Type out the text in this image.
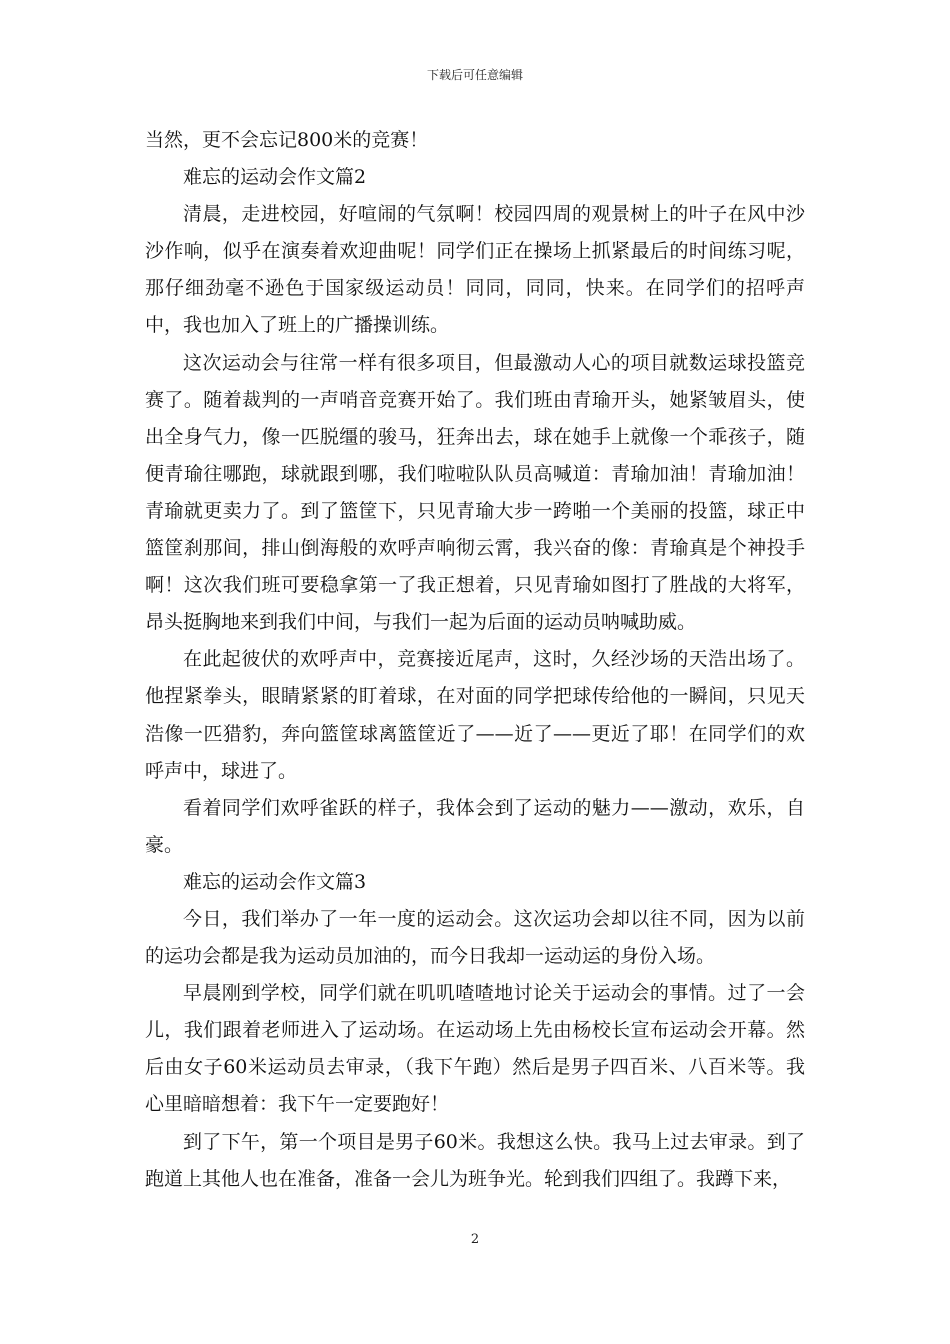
下载后可任意编辑

当然，更不会忘记800米的竞赛！

难忘的运动会作文篇2

清晨，走进校园，好喧闹的气氛啊！校园四周的观景树上的叶子在风中沙沙作响，似乎在演奏着欢迎曲呢！同学们正在操场上抓紧最后的时间练习呢，那仔细劲毫不逊色于国家级运动员！同同，同同，快来。在同学们的招呼声中，我也加入了班上的广播操训练。

这次运动会与往常一样有很多项目，但最激动人心的项目就数运球投篮竞赛了。随着裁判的一声哨音竞赛开始了。我们班由青瑜开头，她紧皱眉头，使出全身气力，像一匹脱缰的骏马，狂奔出去，球在她手上就像一个乖孩子，随便青瑜往哪跑，球就跟到哪，我们啦啦队队员高喊道：青瑜加油！青瑜加油！青瑜就更卖力了。到了篮筐下，只见青瑜大步一跨啪一个美丽的投篮，球正中篮筐刹那间，排山倒海般的欢呼声响彻云霄，我兴奋的像：青瑜真是个神投手啊！这次我们班可要稳拿第一了我正想着，只见青瑜如图打了胜战的大将军，昂头挺胸地来到我们中间，与我们一起为后面的运动员呐喊助威。

在此起彼伏的欢呼声中，竞赛接近尾声，这时，久经沙场的天浩出场了。他捏紧拳头，眼睛紧紧的盯着球，在对面的同学把球传给他的一瞬间，只见天浩像一匹猎豹，奔向篮筐球离篮筐近了——近了——更近了耶！在同学们的欢呼声中，球进了。

看着同学们欢呼雀跃的样子，我体会到了运动的魅力——激动，欢乐，自豪。

难忘的运动会作文篇3

今日，我们举办了一年一度的运动会。这次运功会却以往不同，因为以前的运功会都是我为运动员加油的，而今日我却一运动运的身份入场。

早晨刚到学校，同学们就在叽叽喳喳地讨论关于运动会的事情。过了一会儿，我们跟着老师进入了运动场。在运动场上先由杨校长宣布运动会开幕。然后由女子60米运动员去审录，（我下午跑）然后是男子四百米、八百米等。我心里暗暗想着：我下午一定要跑好！

到了下午，第一个项目是男子60米。我想这么快。我马上过去审录。到了跑道上其他人也在准备，准备一会儿为班争光。轮到我们四组了。我蹲下来，

2
